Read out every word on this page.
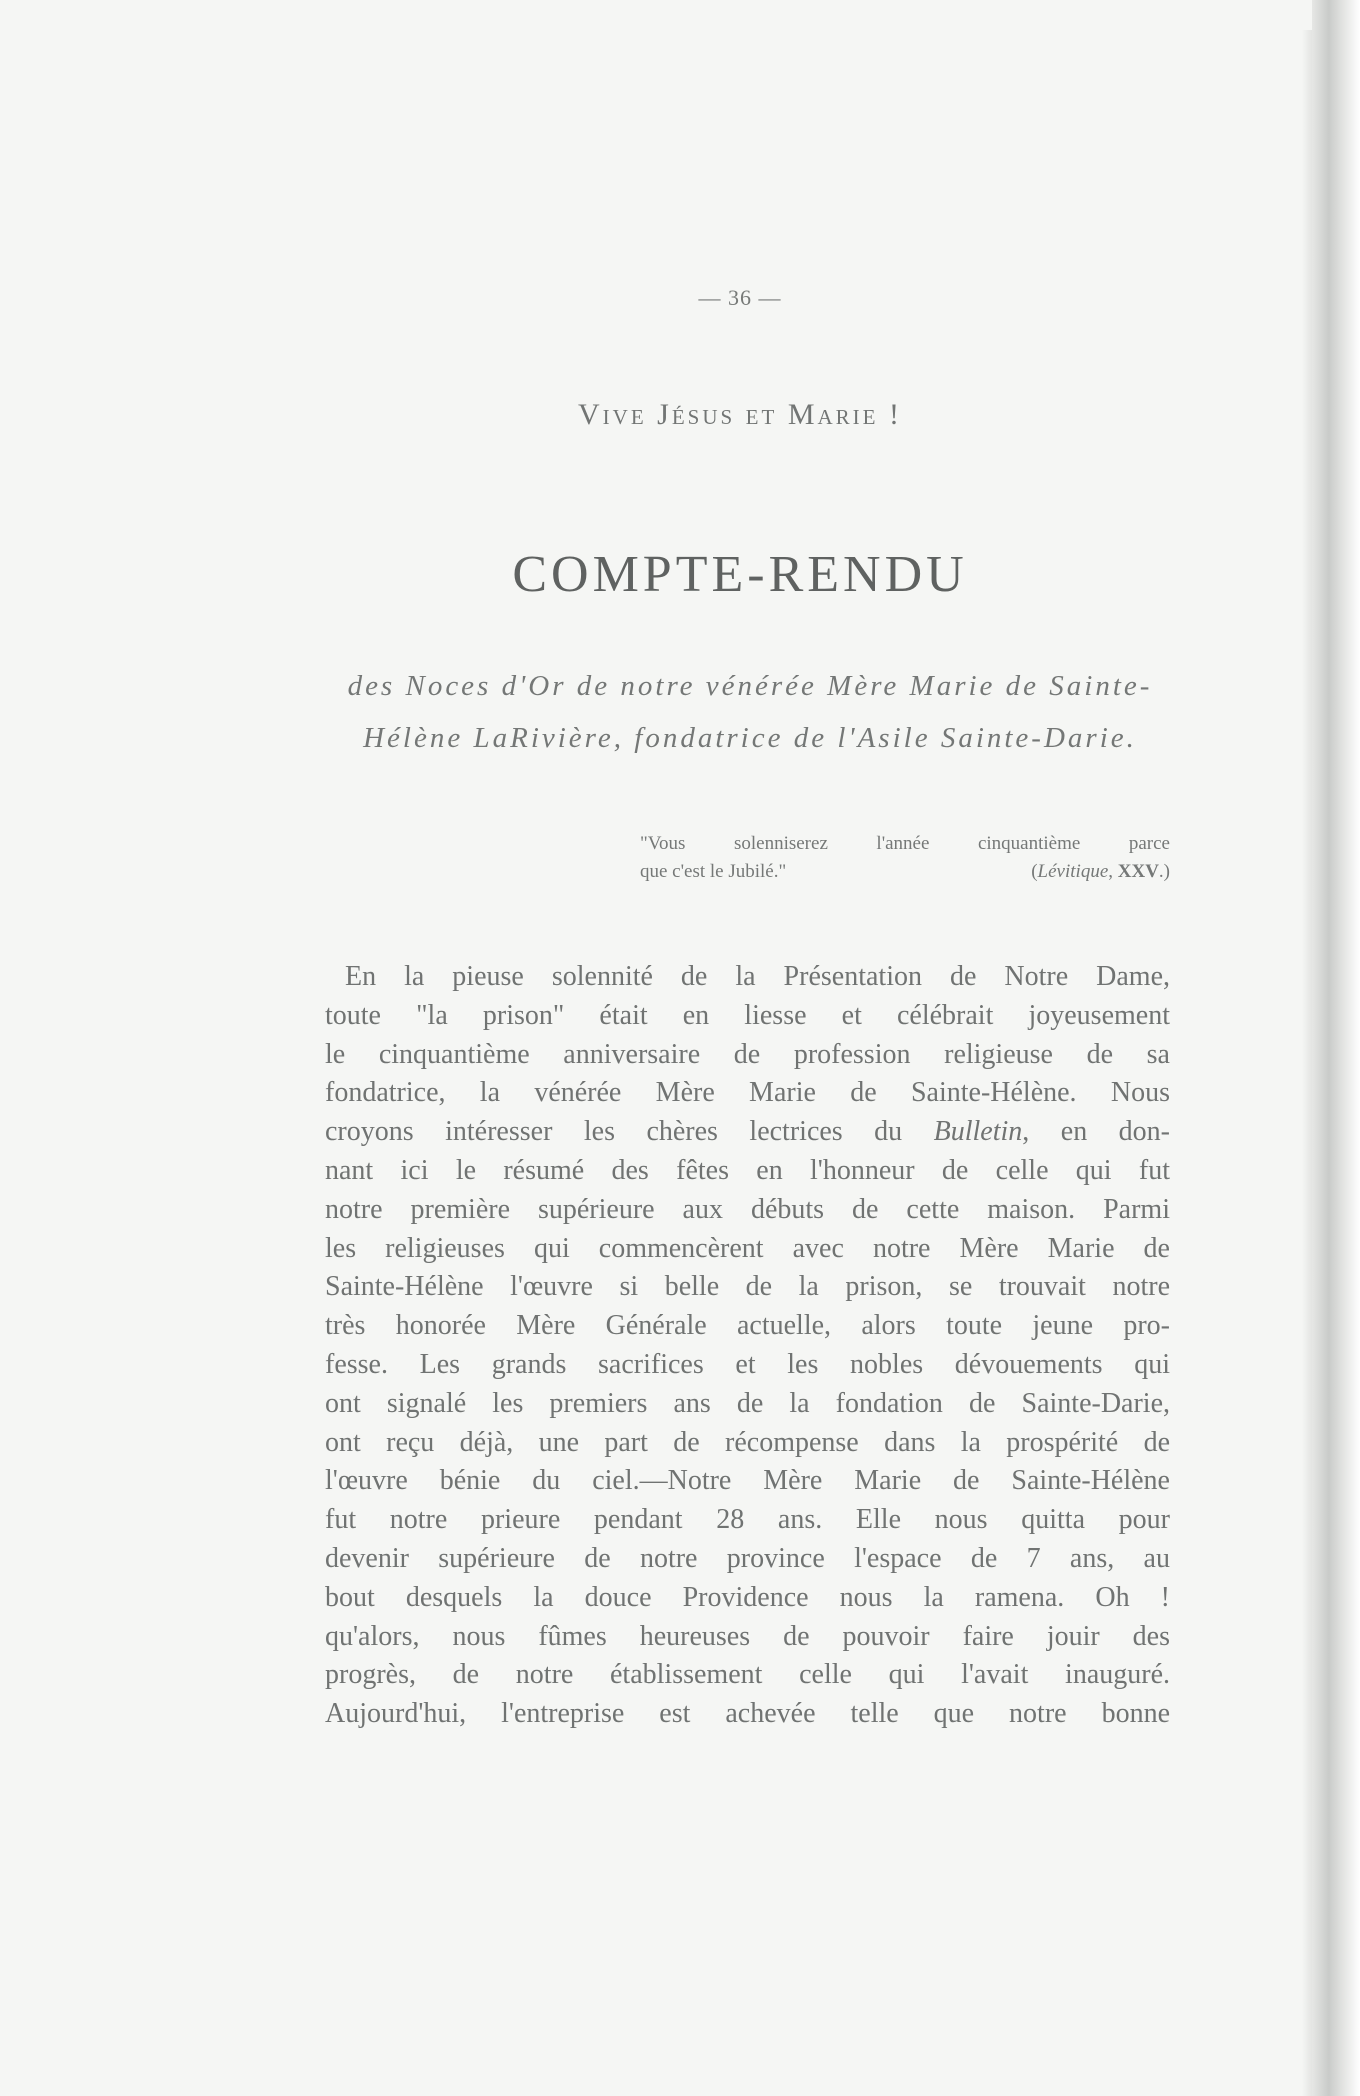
— 36 —
Vive Jésus et Marie !
COMPTE-RENDU
des Noces d'Or de notre vénérée Mère Marie de Sainte-
Hélène LaRivière, fondatrice de l'Asile Sainte-Darie.
"Vous solenniserez l'année cinquantième parce
que c'est le Jubilé."	(Lévitique, XXV.)
En la pieuse solennité de la Présentation de Notre Dame,
toute "la prison" était en liesse et célébrait joyeusement
le cinquantième anniversaire de profession religieuse de sa
fondatrice, la vénérée Mère Marie de Sainte-Hélène. Nous
croyons intéresser les chères lectrices du Bulletin, en don-
nant ici le résumé des fêtes en l'honneur de celle qui fut
notre première supérieure aux débuts de cette maison. Parmi
les religieuses qui commencèrent avec notre Mère Marie de
Sainte-Hélène l'œuvre si belle de la prison, se trouvait notre
très honorée Mère Générale actuelle, alors toute jeune pro-
fesse. Les grands sacrifices et les nobles dévouements qui
ont signalé les premiers ans de la fondation de Sainte-Darie,
ont reçu déjà, une part de récompense dans la prospérité de
l'œuvre bénie du ciel.—Notre Mère Marie de Sainte-Hélène
fut notre prieure pendant 28 ans. Elle nous quitta pour
devenir supérieure de notre province l'espace de 7 ans, au
bout desquels la douce Providence nous la ramena. Oh !
qu'alors, nous fûmes heureuses de pouvoir faire jouir des
progrès, de notre établissement celle qui l'avait inauguré.
Aujourd'hui, l'entreprise est achevée telle que notre bonne
